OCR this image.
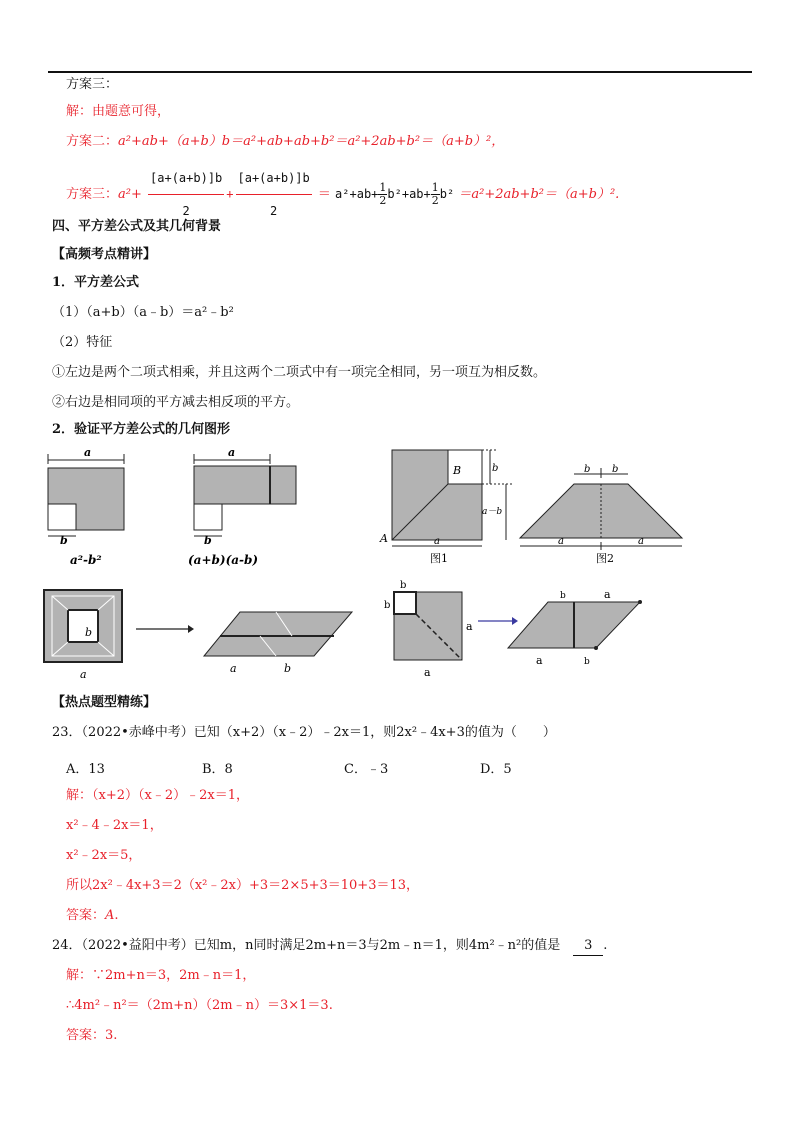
方案三：
解：由题意可得，
方案二：a²+ab+（a+b）b＝a²+ab+ab+b²＝a²+2ab+b²＝（a+b）²，
方案三：$a^2+ \frac{[a+(a+b)]b}{2} + \frac{[a+(a+b)]b}{2} = a^2+ab+ \frac{1}{2}b^2+ab+ \frac{1}{2}b^2 =a^2+2ab+b^2=(a+b)^2$.
四、平方差公式及其几何背景
【高频考点精讲】
1．平方差公式
（1）（a+b）（a﹣b）＝a²﹣b²
（2）特征
①左边是两个二项式相乘，并且这两个二项式中有一项完全相同，另一项互为相反数。
②右边是相同项的平方减去相反项的平方。
2．验证平方差公式的几何图形
a
b
a²-b²
a
b
(a+b)(a-b)
B	b
a－b
A	a
图1
b b
a	a
图2
b
a	a	b
b
b
a
a
b	a
a	b
【热点题型精练】
23．（2022•赤峰中考）已知（x+2）（x﹣2）﹣2x＝1，则2x²﹣4x+3的值为（　　）
A．13	B．8	C．﹣3	D．5
解：（x+2）（x﹣2）﹣2x＝1，
x²﹣4﹣2x＝1，
x²﹣2x＝5，
所以2x²﹣4x+3＝2（x²﹣2x）+3＝2×5+3＝10+3＝13，
答案：A.
24．（2022•益阳中考）已知m，n同时满足2m+n＝3与2m﹣n＝1，则4m²﹣n²的值是　 3 .
解：∵2m+n＝3，2m﹣n＝1，
∴4m²﹣n²＝（2m+n）（2m﹣n）＝3×1＝3.
答案：3.
